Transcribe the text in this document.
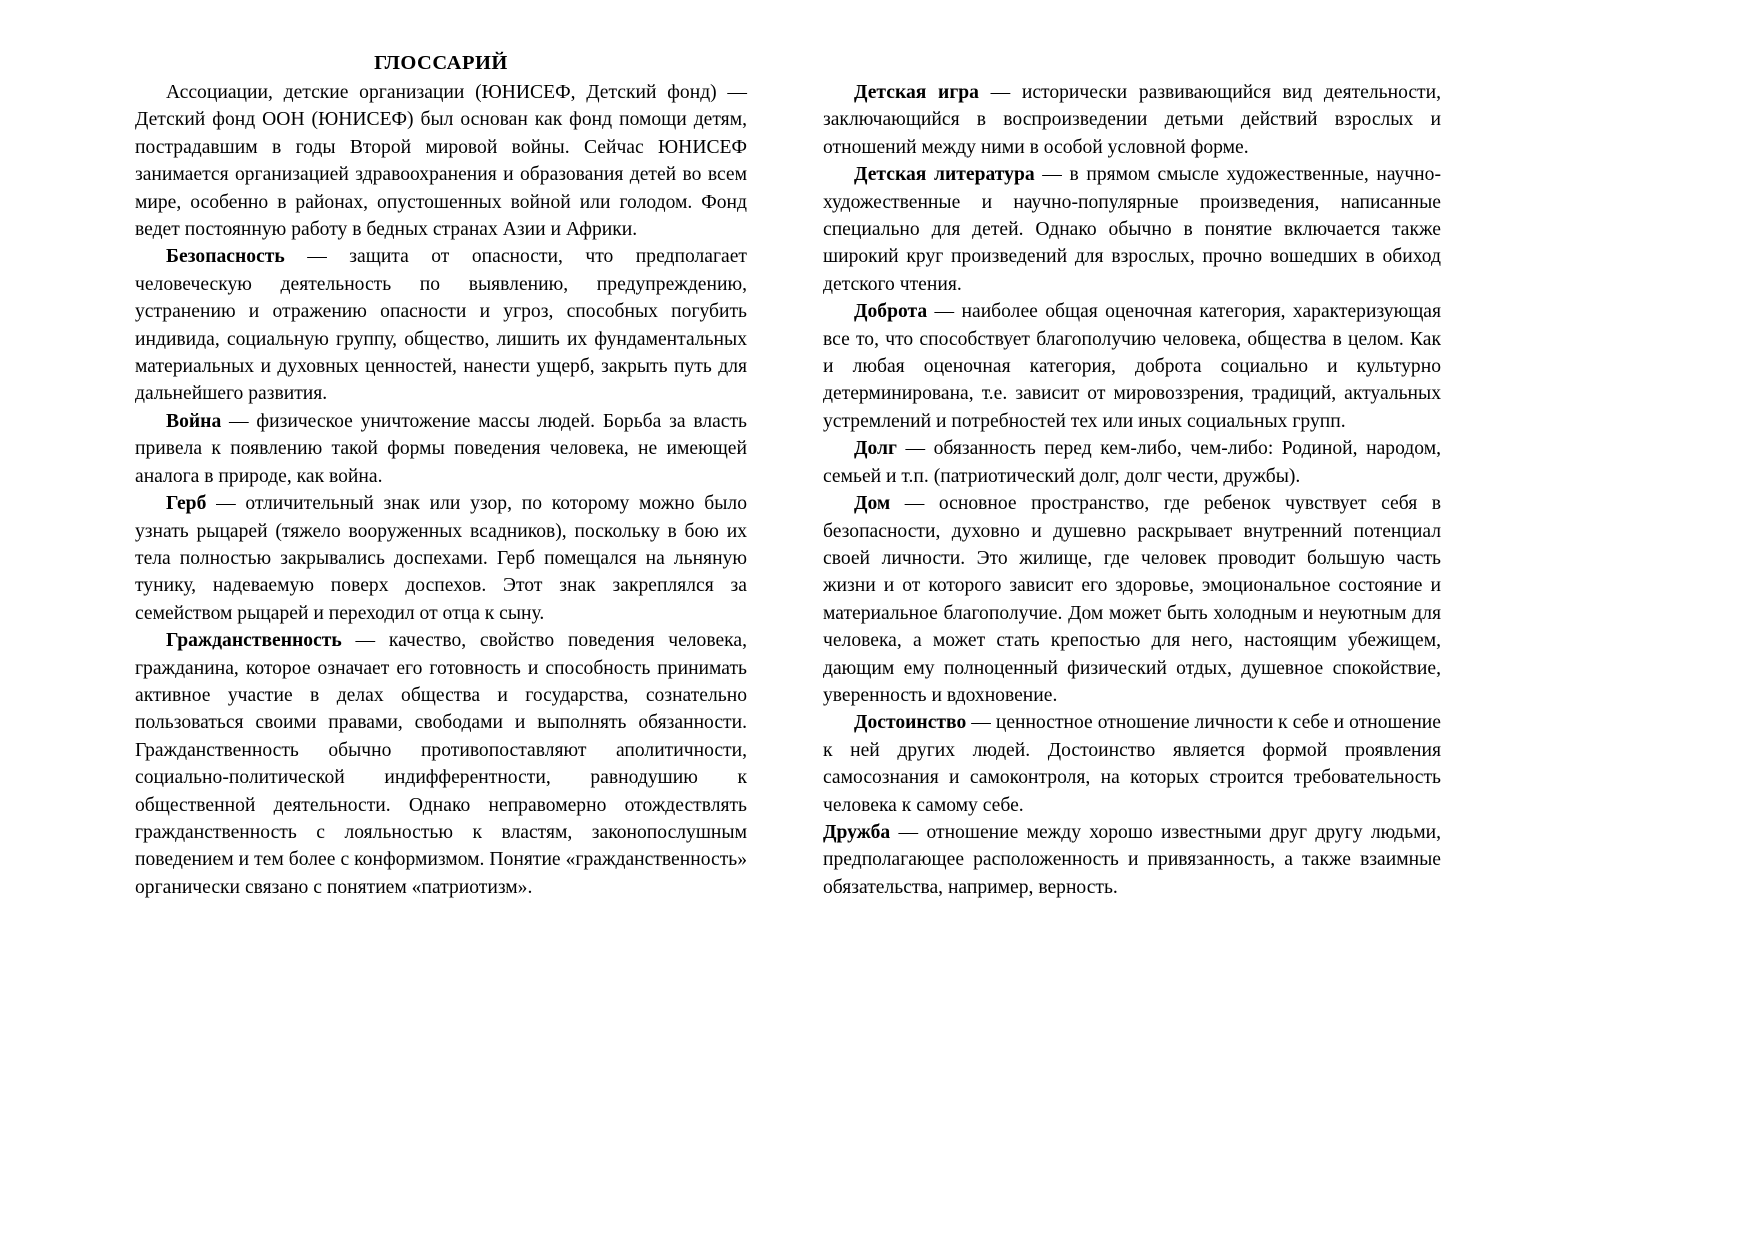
ГЛОССАРИЙ

Ассоциации, детские организации (ЮНИСЕФ, Детский фонд) — Детский фонд ООН (ЮНИСЕФ) был основан как фонд помощи детям, пострадавшим в годы Второй мировой войны. Сейчас ЮНИСЕФ занимается организацией здравоохранения и образования детей во всем мире, особенно в районах, опустошенных войной или голодом. Фонд ведет постоянную работу в бедных странах Азии и Африки.

Безопасность — защита от опасности, что предполагает человеческую деятельность по выявлению, предупреждению, устранению и отражению опасности и угроз, способных погубить индивида, социальную группу, общество, лишить их фундаментальных материальных и духовных ценностей, нанести ущерб, закрыть путь для дальнейшего развития.

Война — физическое уничтожение массы людей. Борьба за власть привела к появлению такой формы поведения человека, не имеющей аналога в природе, как война.

Герб — отличительный знак или узор, по которому можно было узнать рыцарей (тяжело вооруженных всадников), поскольку в бою их тела полностью закрывались доспехами. Герб помещался на льняную тунику, надеваемую поверх доспехов. Этот знак закреплялся за семейством рыцарей и переходил от отца к сыну.

Гражданственность — качество, свойство поведения человека, гражданина, которое означает его готовность и способность принимать активное участие в делах общества и государства, сознательно пользоваться своими правами, свободами и выполнять обязанности. Гражданственность обычно противопоставляют аполитичности, социально-политической индифферентности, равнодушию к общественной деятельности. Однако неправомерно отождествлять гражданственность с лояльностью к властям, законопослушным поведением и тем более с конформизмом. Понятие «гражданственность» органически связано с понятием «патриотизм».

Детская игра — исторически развивающийся вид деятельности, заключающийся в воспроизведении детьми действий взрослых и отношений между ними в особой условной форме.

Детская литература — в прямом смысле художественные, научно-художественные и научно-популярные произведения, написанные специально для детей. Однако обычно в понятие включается также широкий круг произведений для взрослых, прочно вошедших в обиход детского чтения.

Доброта — наиболее общая оценочная категория, характеризующая все то, что способствует благополучию человека, общества в целом. Как и любая оценочная категория, доброта социально и культурно детерминирована, т.е. зависит от мировоззрения, традиций, актуальных устремлений и потребностей тех или иных социальных групп.

Долг — обязанность перед кем-либо, чем-либо: Родиной, народом, семьей и т.п. (патриотический долг, долг чести, дружбы).

Дом — основное пространство, где ребенок чувствует себя в безопасности, духовно и душевно раскрывает внутренний потенциал своей личности. Это жилище, где человек проводит большую часть жизни и от которого зависит его здоровье, эмоциональное состояние и материальное благополучие. Дом может быть холодным и неуютным для человека, а может стать крепостью для него, настоящим убежищем, дающим ему полноценный физический отдых, душевное спокойствие, уверенность и вдохновение.

Достоинство — ценностное отношение личности к себе и отношение к ней других людей. Достоинство является формой проявления самосознания и самоконтроля, на которых строится требовательность человека к самому себе.

Дружба — отношение между хорошо известными друг другу людьми, предполагающее расположенность и привязанность, а также взаимные обязательства, например, верность.
